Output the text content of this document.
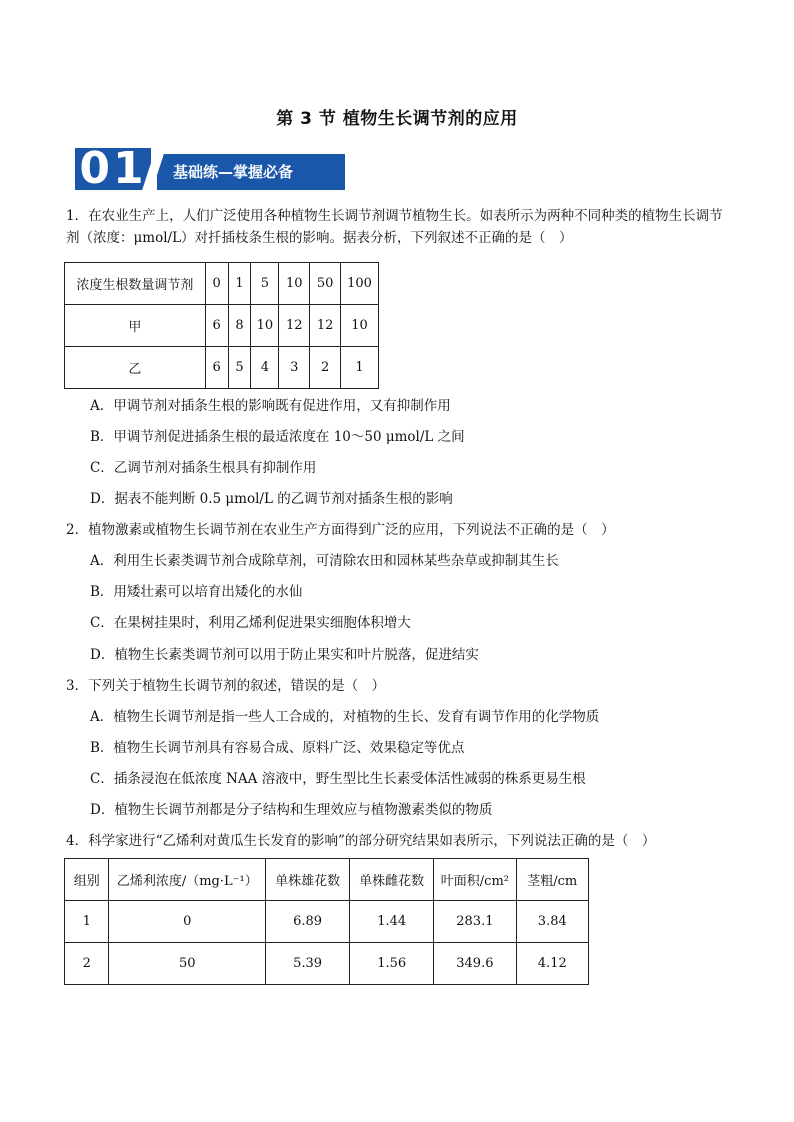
第 3 节 植物生长调节剂的应用
01 基础练—掌握必备
1．在农业生产上，人们广泛使用各种植物生长调节剂调节植物生长。如表所示为两种不同种类的植物生长调节剂（浓度：μmol/L）对扦插枝条生根的影响。据表分析，下列叙述不正确的是（　）
浓度生根数量调节剂	0	1	5	10	50	100
甲	6	8	10	12	12	10
乙	6	5	4	3	2	1
A．甲调节剂对插条生根的影响既有促进作用，又有抑制作用
B．甲调节剂促进插条生根的最适浓度在 10～50 μmol/L 之间
C．乙调节剂对插条生根具有抑制作用
D．据表不能判断 0.5 μmol/L 的乙调节剂对插条生根的影响
2．植物激素或植物生长调节剂在农业生产方面得到广泛的应用，下列说法不正确的是（　）
A．利用生长素类调节剂合成除草剂，可清除农田和园林某些杂草或抑制其生长
B．用矮壮素可以培育出矮化的水仙
C．在果树挂果时，利用乙烯利促进果实细胞体积增大
D．植物生长素类调节剂可以用于防止果实和叶片脱落，促进结实
3．下列关于植物生长调节剂的叙述，错误的是（　）
A．植物生长调节剂是指一些人工合成的，对植物的生长、发育有调节作用的化学物质
B．植物生长调节剂具有容易合成、原料广泛、效果稳定等优点
C．插条浸泡在低浓度 NAA 溶液中，野生型比生长素受体活性减弱的株系更易生根
D．植物生长调节剂都是分子结构和生理效应与植物激素类似的物质
4．科学家进行“乙烯利对黄瓜生长发育的影响”的部分研究结果如表所示，下列说法正确的是（　）
组别	乙烯利浓度/（mg·L⁻¹）	单株雄花数	单株雌花数	叶面积/cm²	茎粗/cm
1	0	6.89	1.44	283.1	3.84
2	50	5.39	1.56	349.6	4.12
